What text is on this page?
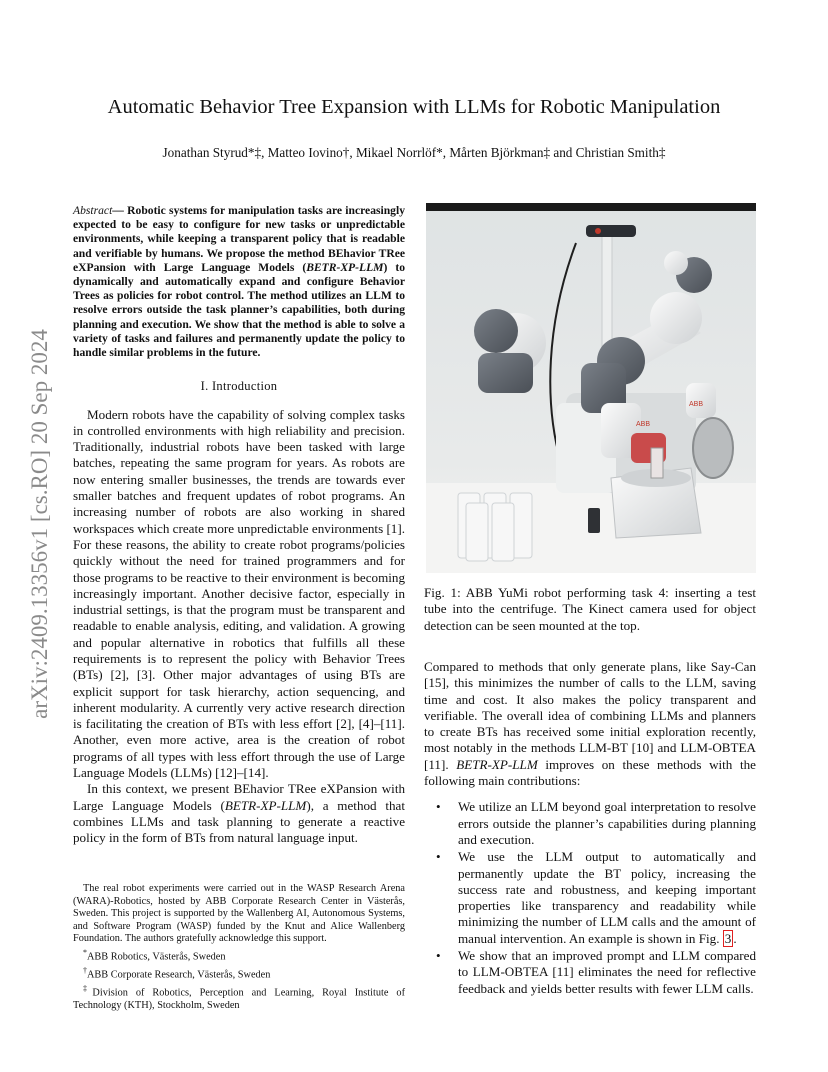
Automatic Behavior Tree Expansion with LLMs for Robotic Manipulation
Jonathan Styrud*‡, Matteo Iovino†, Mikael Norrlöf*, Mårten Björkman‡ and Christian Smith‡
arXiv:2409.13356v1 [cs.RO] 20 Sep 2024

Abstract— Robotic systems for manipulation tasks are increasingly expected to be easy to configure for new tasks or unpredictable environments, while keeping a transparent policy that is readable and verifiable by humans. We propose the method BEhavior TRee eXPansion with Large Language Models (BETR-XP-LLM) to dynamically and automatically expand and configure Behavior Trees as policies for robot control. The method utilizes an LLM to resolve errors outside the task planner’s capabilities, both during planning and execution. We show that the method is able to solve a variety of tasks and failures and permanently update the policy to handle similar problems in the future.

I. Introduction

Modern robots have the capability of solving complex tasks in controlled environments with high reliability and precision. Traditionally, industrial robots have been tasked with large batches, repeating the same program for years. As robots are now entering smaller businesses, the trends are towards ever smaller batches and frequent updates of robot programs. An increasing number of robots are also working in shared workspaces which create more unpredictable environments [1]. For these reasons, the ability to create robot programs/policies quickly without the need for trained programmers and for those programs to be reactive to their environment is becoming increasingly important. Another decisive factor, especially in industrial settings, is that the program must be transparent and readable to enable analysis, editing, and validation. A growing and popular alternative in robotics that fulfills all these requirements is to represent the policy with Behavior Trees (BTs) [2], [3]. Other major advantages of using BTs are explicit support for task hierarchy, action sequencing, and inherent modularity. A currently very active research direction is facilitating the creation of BTs with less effort [2], [4]–[11]. Another, even more active, area is the creation of robot programs of all types with less effort through the use of Large Language Models (LLMs) [12]–[14].

In this context, we present BEhavior TRee eXPansion with Large Language Models (BETR-XP-LLM), a method that combines LLMs and task planning to generate a reactive policy in the form of BTs from natural language input.

The real robot experiments were carried out in the WASP Research Arena (WARA)-Robotics, hosted by ABB Corporate Research Center in Västerås, Sweden. This project is supported by the Wallenberg AI, Autonomous Systems, and Software Program (WASP) funded by the Knut and Alice Wallenberg Foundation. The authors gratefully acknowledge this support.

*ABB Robotics, Västerås, Sweden
†ABB Corporate Research, Västerås, Sweden
‡Division of Robotics, Perception and Learning, Royal Institute of Technology (KTH), Stockholm, Sweden
ABB
ABB
Fig. 1: ABB YuMi robot performing task 4: inserting a test tube into the centrifuge. The Kinect camera used for object detection can be seen mounted at the top.

Compared to methods that only generate plans, like Say-Can [15], this minimizes the number of calls to the LLM, saving time and cost. It also makes the policy transparent and verifiable. The overall idea of combining LLMs and planners to create BTs has received some initial exploration recently, most notably in the methods LLM-BT [10] and LLM-OBTEA [11]. BETR-XP-LLM improves on these methods with the following main contributions:

• We utilize an LLM beyond goal interpretation to resolve errors outside the planner’s capabilities during planning and execution.
• We use the LLM output to automatically and permanently update the BT policy, increasing the success rate and robustness, and keeping important properties like transparency and readability while minimizing the number of LLM calls and the amount of manual intervention. An example is shown in Fig. 3 .
• We show that an improved prompt and LLM compared to LLM-OBTEA [11] eliminates the need for reflective feedback and yields better results with fewer LLM calls.
